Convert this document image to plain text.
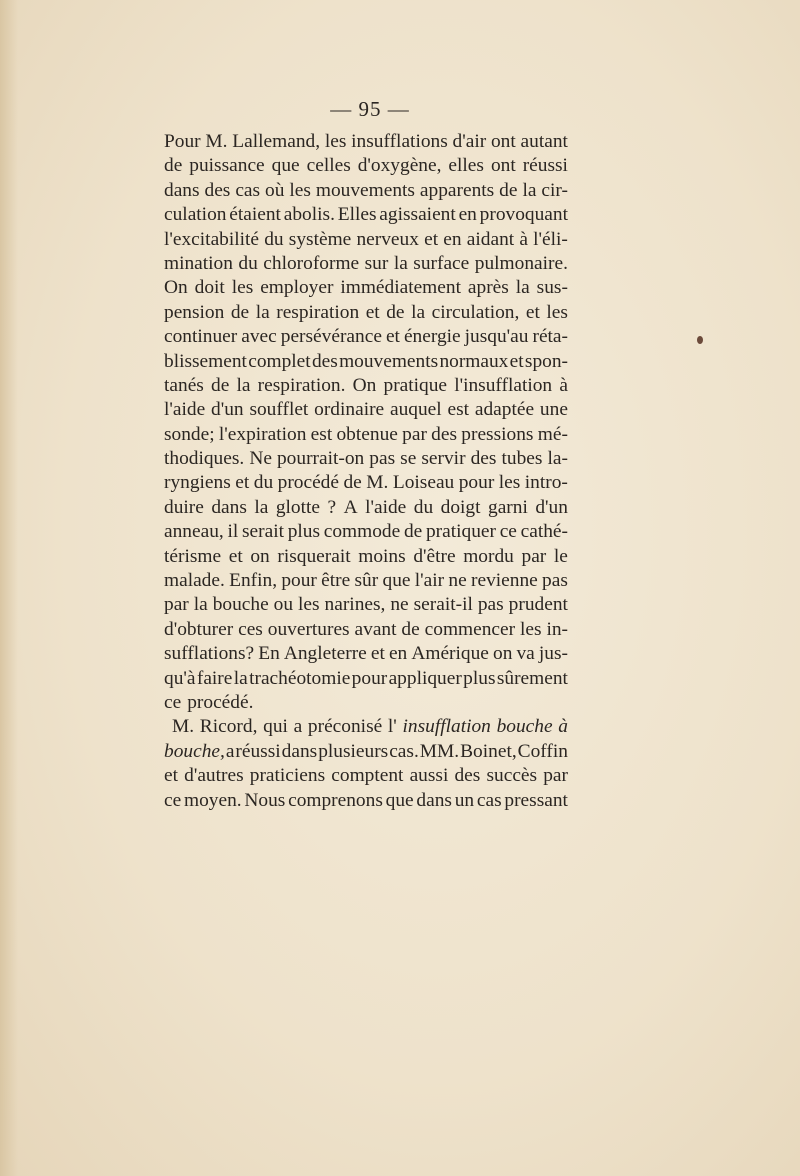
— 95 —
Pour M. Lallemand, les insufflations d'air ont autant
de puissance que celles d'oxygène, elles ont réussi
dans des cas où les mouvements apparents de la cir-
culation étaient abolis. Elles agissaient en provoquant
l'excitabilité du système nerveux et en aidant à l'éli-
mination du chloroforme sur la surface pulmonaire.
On doit les employer immédiatement après la sus-
pension de la respiration et de la circulation, et les
continuer avec persévérance et énergie jusqu'au réta-
blissement complet des mouvements normaux et spon-
tanés de la respiration. On pratique l'insufflation à
l'aide d'un soufflet ordinaire auquel est adaptée une
sonde; l'expiration est obtenue par des pressions mé-
thodiques. Ne pourrait-on pas se servir des tubes la-
ryngiens et du procédé de M. Loiseau pour les intro-
duire dans la glotte ? A l'aide du doigt garni d'un
anneau, il serait plus commode de pratiquer ce cathé-
térisme et on risquerait moins d'être mordu par le
malade. Enfin, pour être sûr que l'air ne revienne pas
par la bouche ou les narines, ne serait-il pas prudent
d'obturer ces ouvertures avant de commencer les in-
sufflations? En Angleterre et en Amérique on va jus-
qu'à faire la trachéotomie pour appliquer plus sûrement
ce procédé.
M. Ricord, qui a préconisé l' insufflation bouche à
bouche, a réussi dans plusieurs cas. MM. Boinet, Coffin
et d'autres praticiens comptent aussi des succès par
ce moyen. Nous comprenons que dans un cas pressant
